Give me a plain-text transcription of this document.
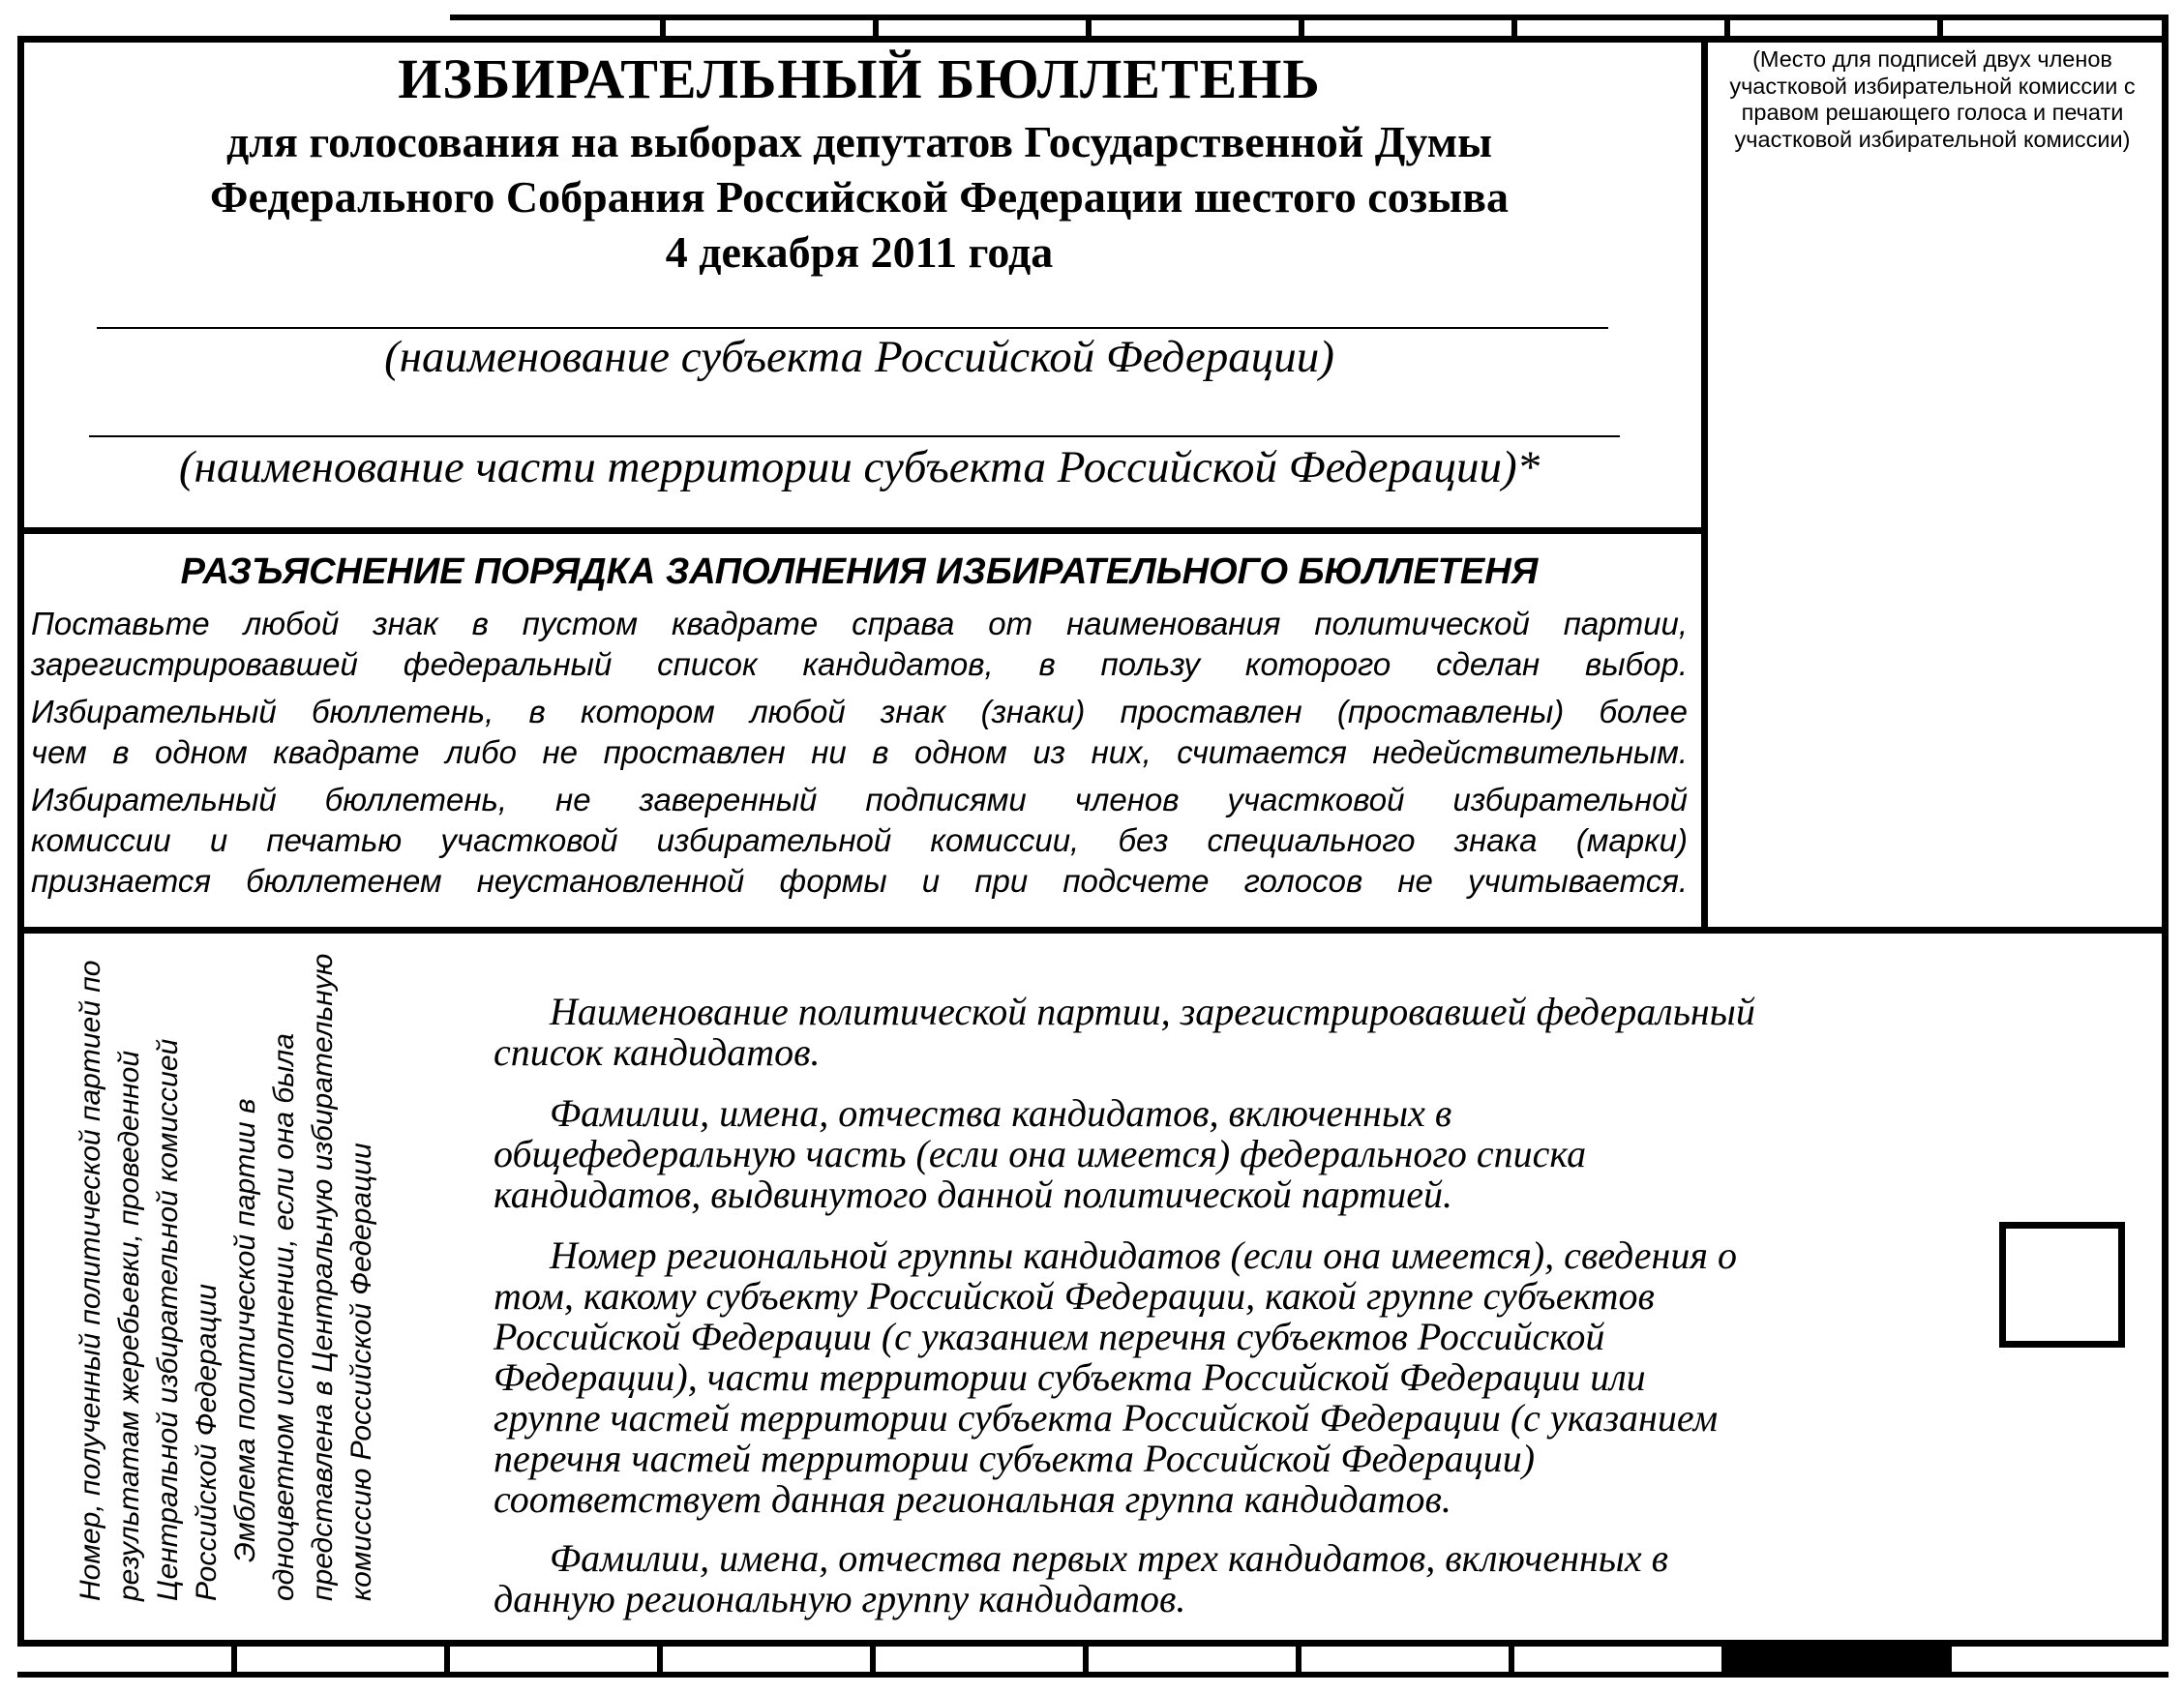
ИЗБИРАТЕЛЬНЫЙ БЮЛЛЕТЕНЬ
для голосования на выборах депутатов Государственной Думы
Федерального Собрания Российской Федерации шестого созыва
4 декабря 2011 года
(наименование субъекта Российской Федерации)
(наименование части территории субъекта Российской Федерации)*
(Место для подписей двух членов участковой избирательной комиссии с правом решающего голоса и печати участковой избирательной комиссии)
РАЗЪЯСНЕНИЕ ПОРЯДКА ЗАПОЛНЕНИЯ ИЗБИРАТЕЛЬНОГО БЮЛЛЕТЕНЯ
Поставьте любой знак в пустом квадрате справа от наименования политической партии,
зарегистрировавшей федеральный список кандидатов, в пользу которого сделан выбор.
Избирательный бюллетень, в котором любой знак (знаки) проставлен (проставлены) более
чем в одном квадрате либо не проставлен ни в одном из них, считается недействительным.
Избирательный бюллетень, не заверенный подписями членов участковой избирательной
комиссии и печатью участковой избирательной комиссии, без специального знака (марки)
признается бюллетенем неустановленной формы и при подсчете голосов не учитывается.

Номер, полученный политической партией по результатам жеребьевки, проведенной Центральной избирательной комиссией Российской Федерации Эмблема политической партии в одноцветном исполнении, если она была представлена в Центральную избирательную комиссию Российской Федерации

Наименование политической партии, зарегистрировавшей федеральный
список кандидатов.
Фамилии, имена, отчества кандидатов, включенных в
общефедеральную часть (если она имеется) федерального списка
кандидатов, выдвинутого данной политической партией.
Номер региональной группы кандидатов (если она имеется), сведения о
том, какому субъекту Российской Федерации, какой группе субъектов
Российской Федерации (с указанием перечня субъектов Российской
Федерации), части территории субъекта Российской Федерации или
группе частей территории субъекта Российской Федерации (с указанием
перечня частей территории субъекта Российской Федерации)
соответствует данная региональная группа кандидатов.
Фамилии, имена, отчества первых трех кандидатов, включенных в
данную региональную группу кандидатов.
